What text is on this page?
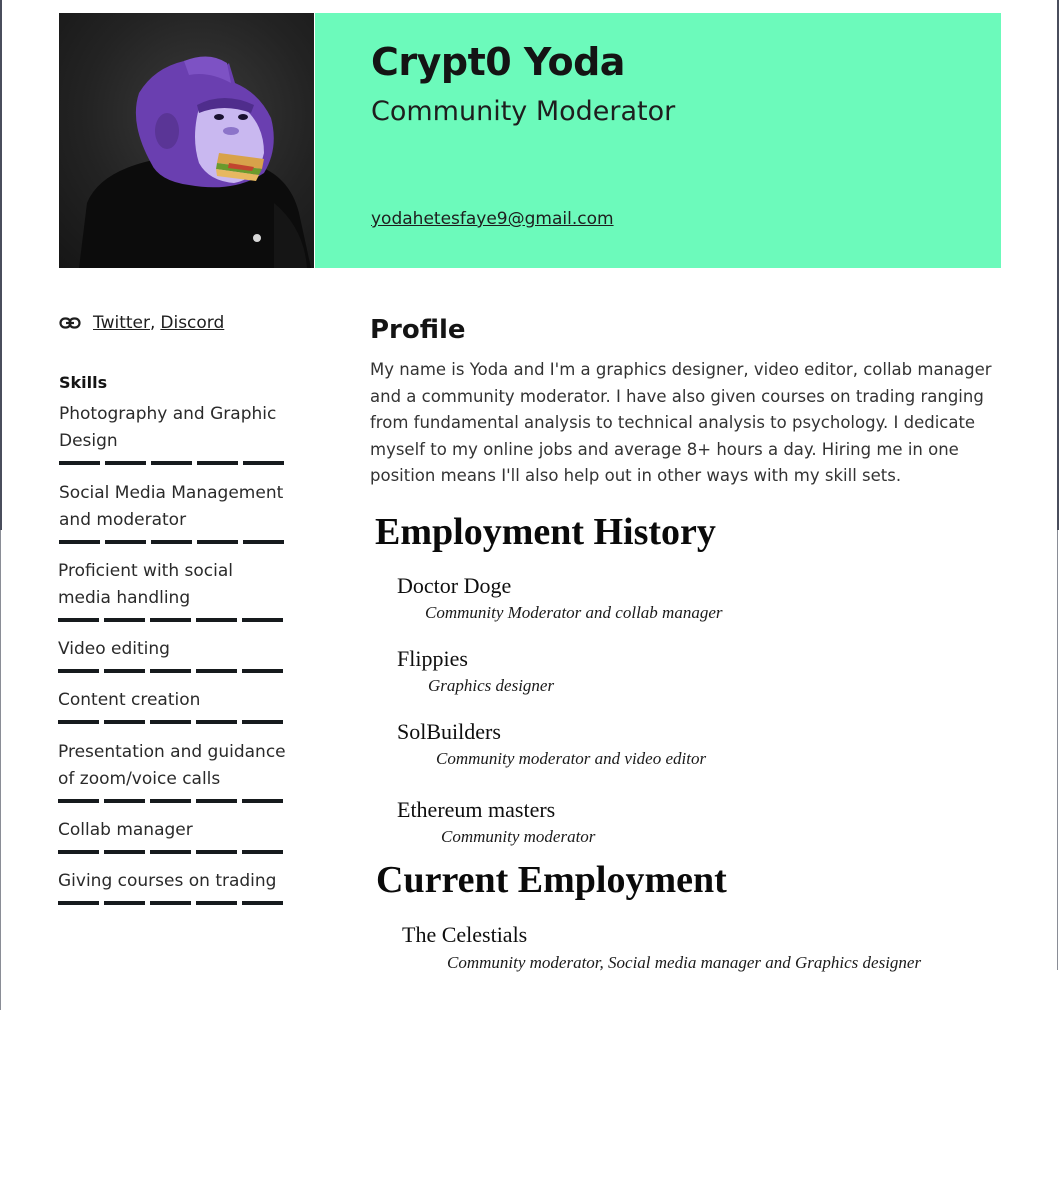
Crypt0 Yoda
Community Moderator
yodahetesfaye9@gmail.com
Twitter , Discord
Skills
Photography and Graphic Design
Social Media Management and moderator
Proficient with social media handling
Video editing
Content creation
Presentation and guidance of zoom/voice calls
Collab manager
Giving courses on trading
Profile
My name is Yoda and I'm a graphics designer, video editor, collab manager and a community moderator. I have also given courses on trading ranging from fundamental analysis to technical analysis to psychology. I dedicate myself to my online jobs and average 8+ hours a day. Hiring me in one position means I'll also help out in other ways with my skill sets.
Employment History
Doctor Doge
Community Moderator and collab manager
Flippies
Graphics designer
SolBuilders
Community moderator and video editor
Ethereum masters
Community moderator
Current Employment
The Celestials
Community moderator, Social media manager and Graphics designer
